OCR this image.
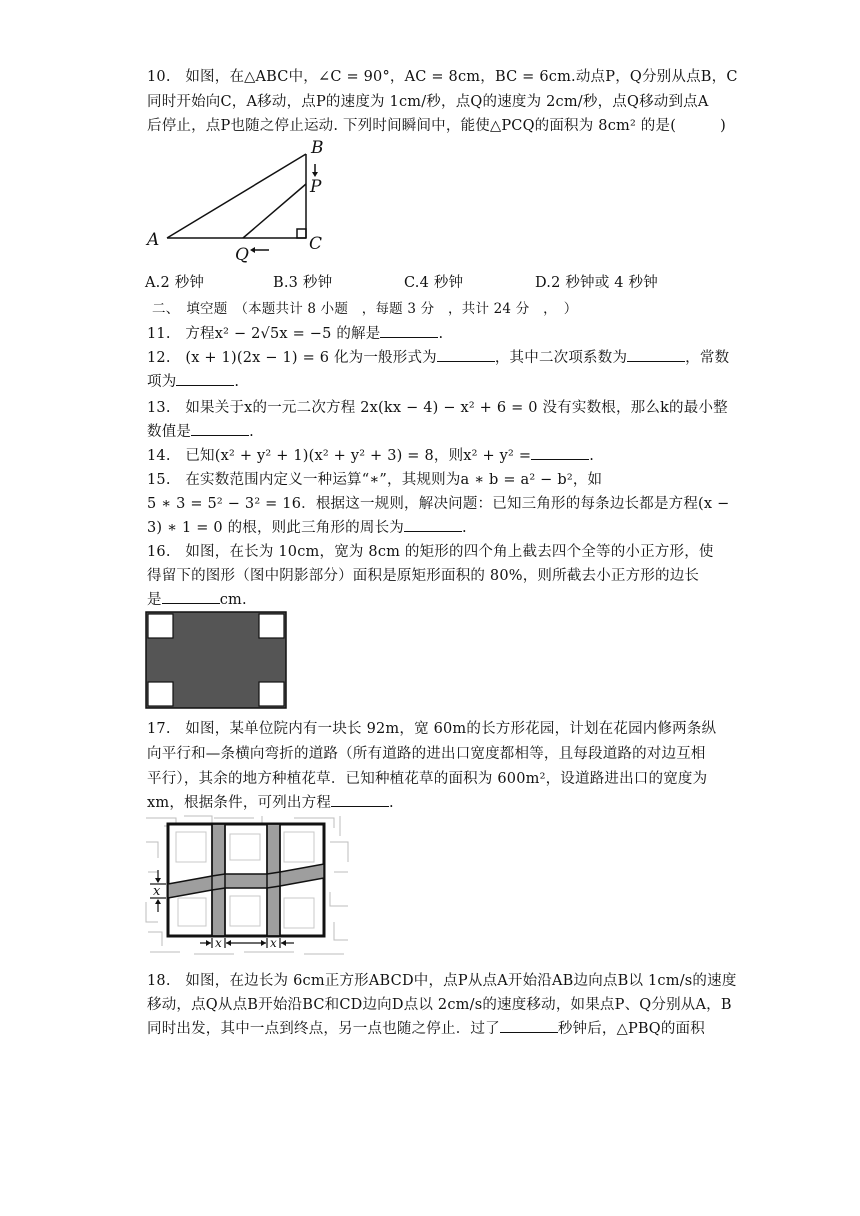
10.　如图，在△ABC中，∠C = 90°，AC = 8cm，BC = 6cm.动点P，Q分别从点B，C
同时开始向C，A移动，点P的速度为 1cm/秒，点Q的速度为 2cm/秒，点Q移动到点A
后停止，点P也随之停止运动. 下列时间瞬间中，能使△PCQ的面积为 8cm² 的是(　　　)
A
B
C
P
Q
A.2 秒钟	B.3 秒钟	C.4 秒钟	D.2 秒钟或 4 秒钟
二、　填空题　（本题共计 8 小题　，每题 3 分　，共计 24 分　，　）
11.　方程x² − 2√5x = −5 的解是	.
12.　(x + 1)(2x − 1) = 6 化为一般形式为	，其中二次项系数为	，常数
项为	.
13.　如果关于x的一元二次方程 2x(kx − 4) − x² + 6 = 0 没有实数根，那么k的最小整
数值是	.
14.　已知(x² + y² + 1)(x² + y² + 3) = 8，则x² + y² =	.
15.　在实数范围内定义一种运算“∗”，其规则为a ∗ b = a² − b²，如
5 ∗ 3 = 5² − 3² = 16．根据这一规则，解决问题：已知三角形的每条边长都是方程(x −
3) ∗ 1 = 0 的根，则此三角形的周长为	.
16.　如图，在长为 10cm，宽为 8cm 的矩形的四个角上截去四个全等的小正方形，使
得留下的图形（图中阴影部分）面积是原矩形面积的 80%，则所截去小正方形的边长
是	cm.
17.　如图，某单位院内有一块长 92m，宽 60m的长方形花园，计划在花园内修两条纵
向平行和—条横向弯折的道路（所有道路的进出口宽度都相等，且每段道路的对边互相
平行），其余的地方种植花草．已知种植花草的面积为 600m²，设道路进出口的宽度为
xm，根据条件，可列出方程	.
x
x	x
18.　如图，在边长为 6cm正方形ABCD中，点P从点A开始沿AB边向点B以 1cm/s的速度
移动，点Q从点B开始沿BC和CD边向D点以 2cm/s的速度移动，如果点P、Q分别从A，B
同时出发，其中一点到终点，另一点也随之停止．过了	秒钟后，△PBQ的面积
